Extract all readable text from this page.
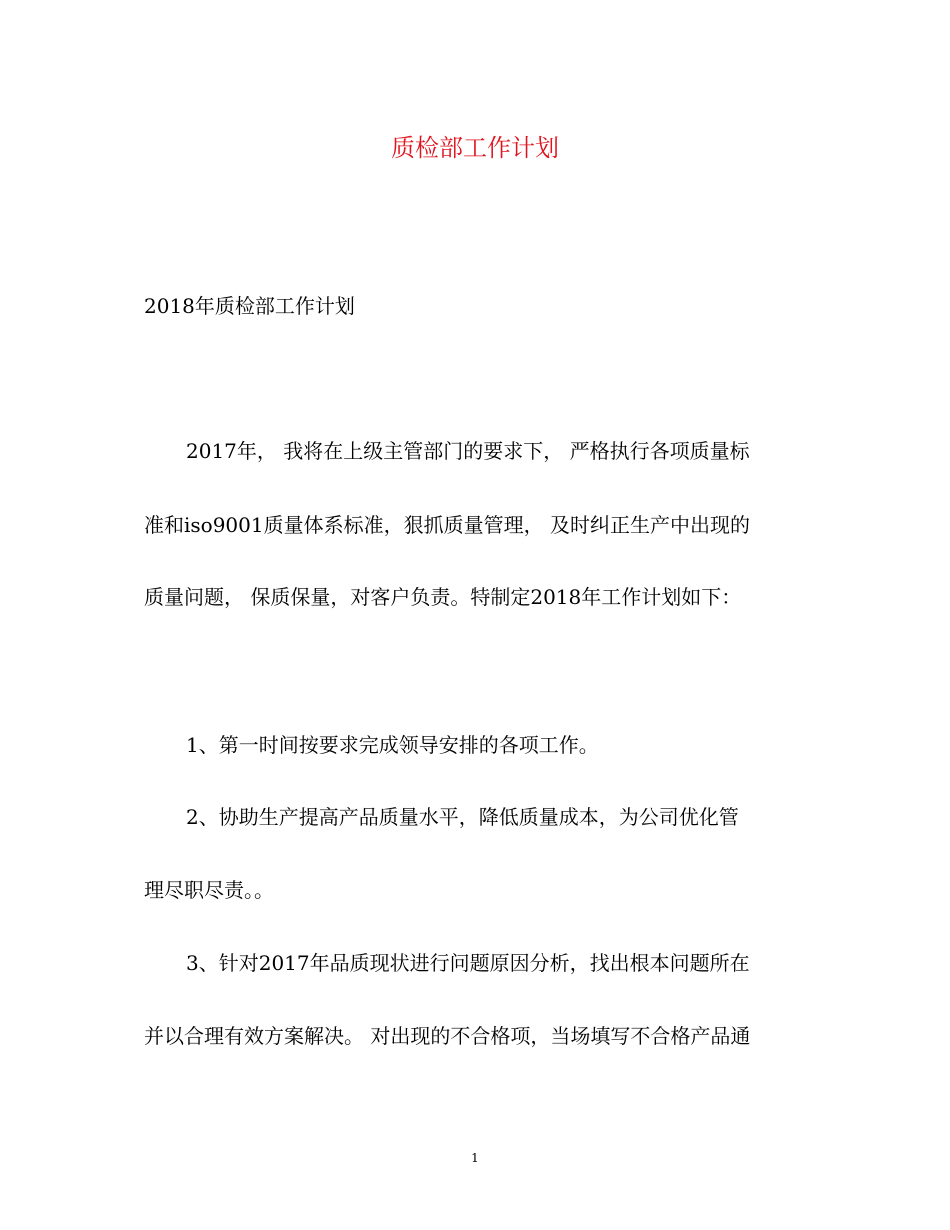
质检部工作计划
2018年质检部工作计划
2017年， 我将在上级主管部门的要求下， 严格执行各项质量标
准和iso9001质量体系标准，狠抓质量管理， 及时纠正生产中出现的
质量问题， 保质保量，对客户负责。特制定2018年工作计划如下：
1、第一时间按要求完成领导安排的各项工作。
2、协助生产提高产品质量水平，降低质量成本，为公司优化管
理尽职尽责。。
3、针对2017年品质现状进行问题原因分析，找出根本问题所在
并以合理有效方案解决。 对出现的不合格项，当场填写不合格产品通
1
